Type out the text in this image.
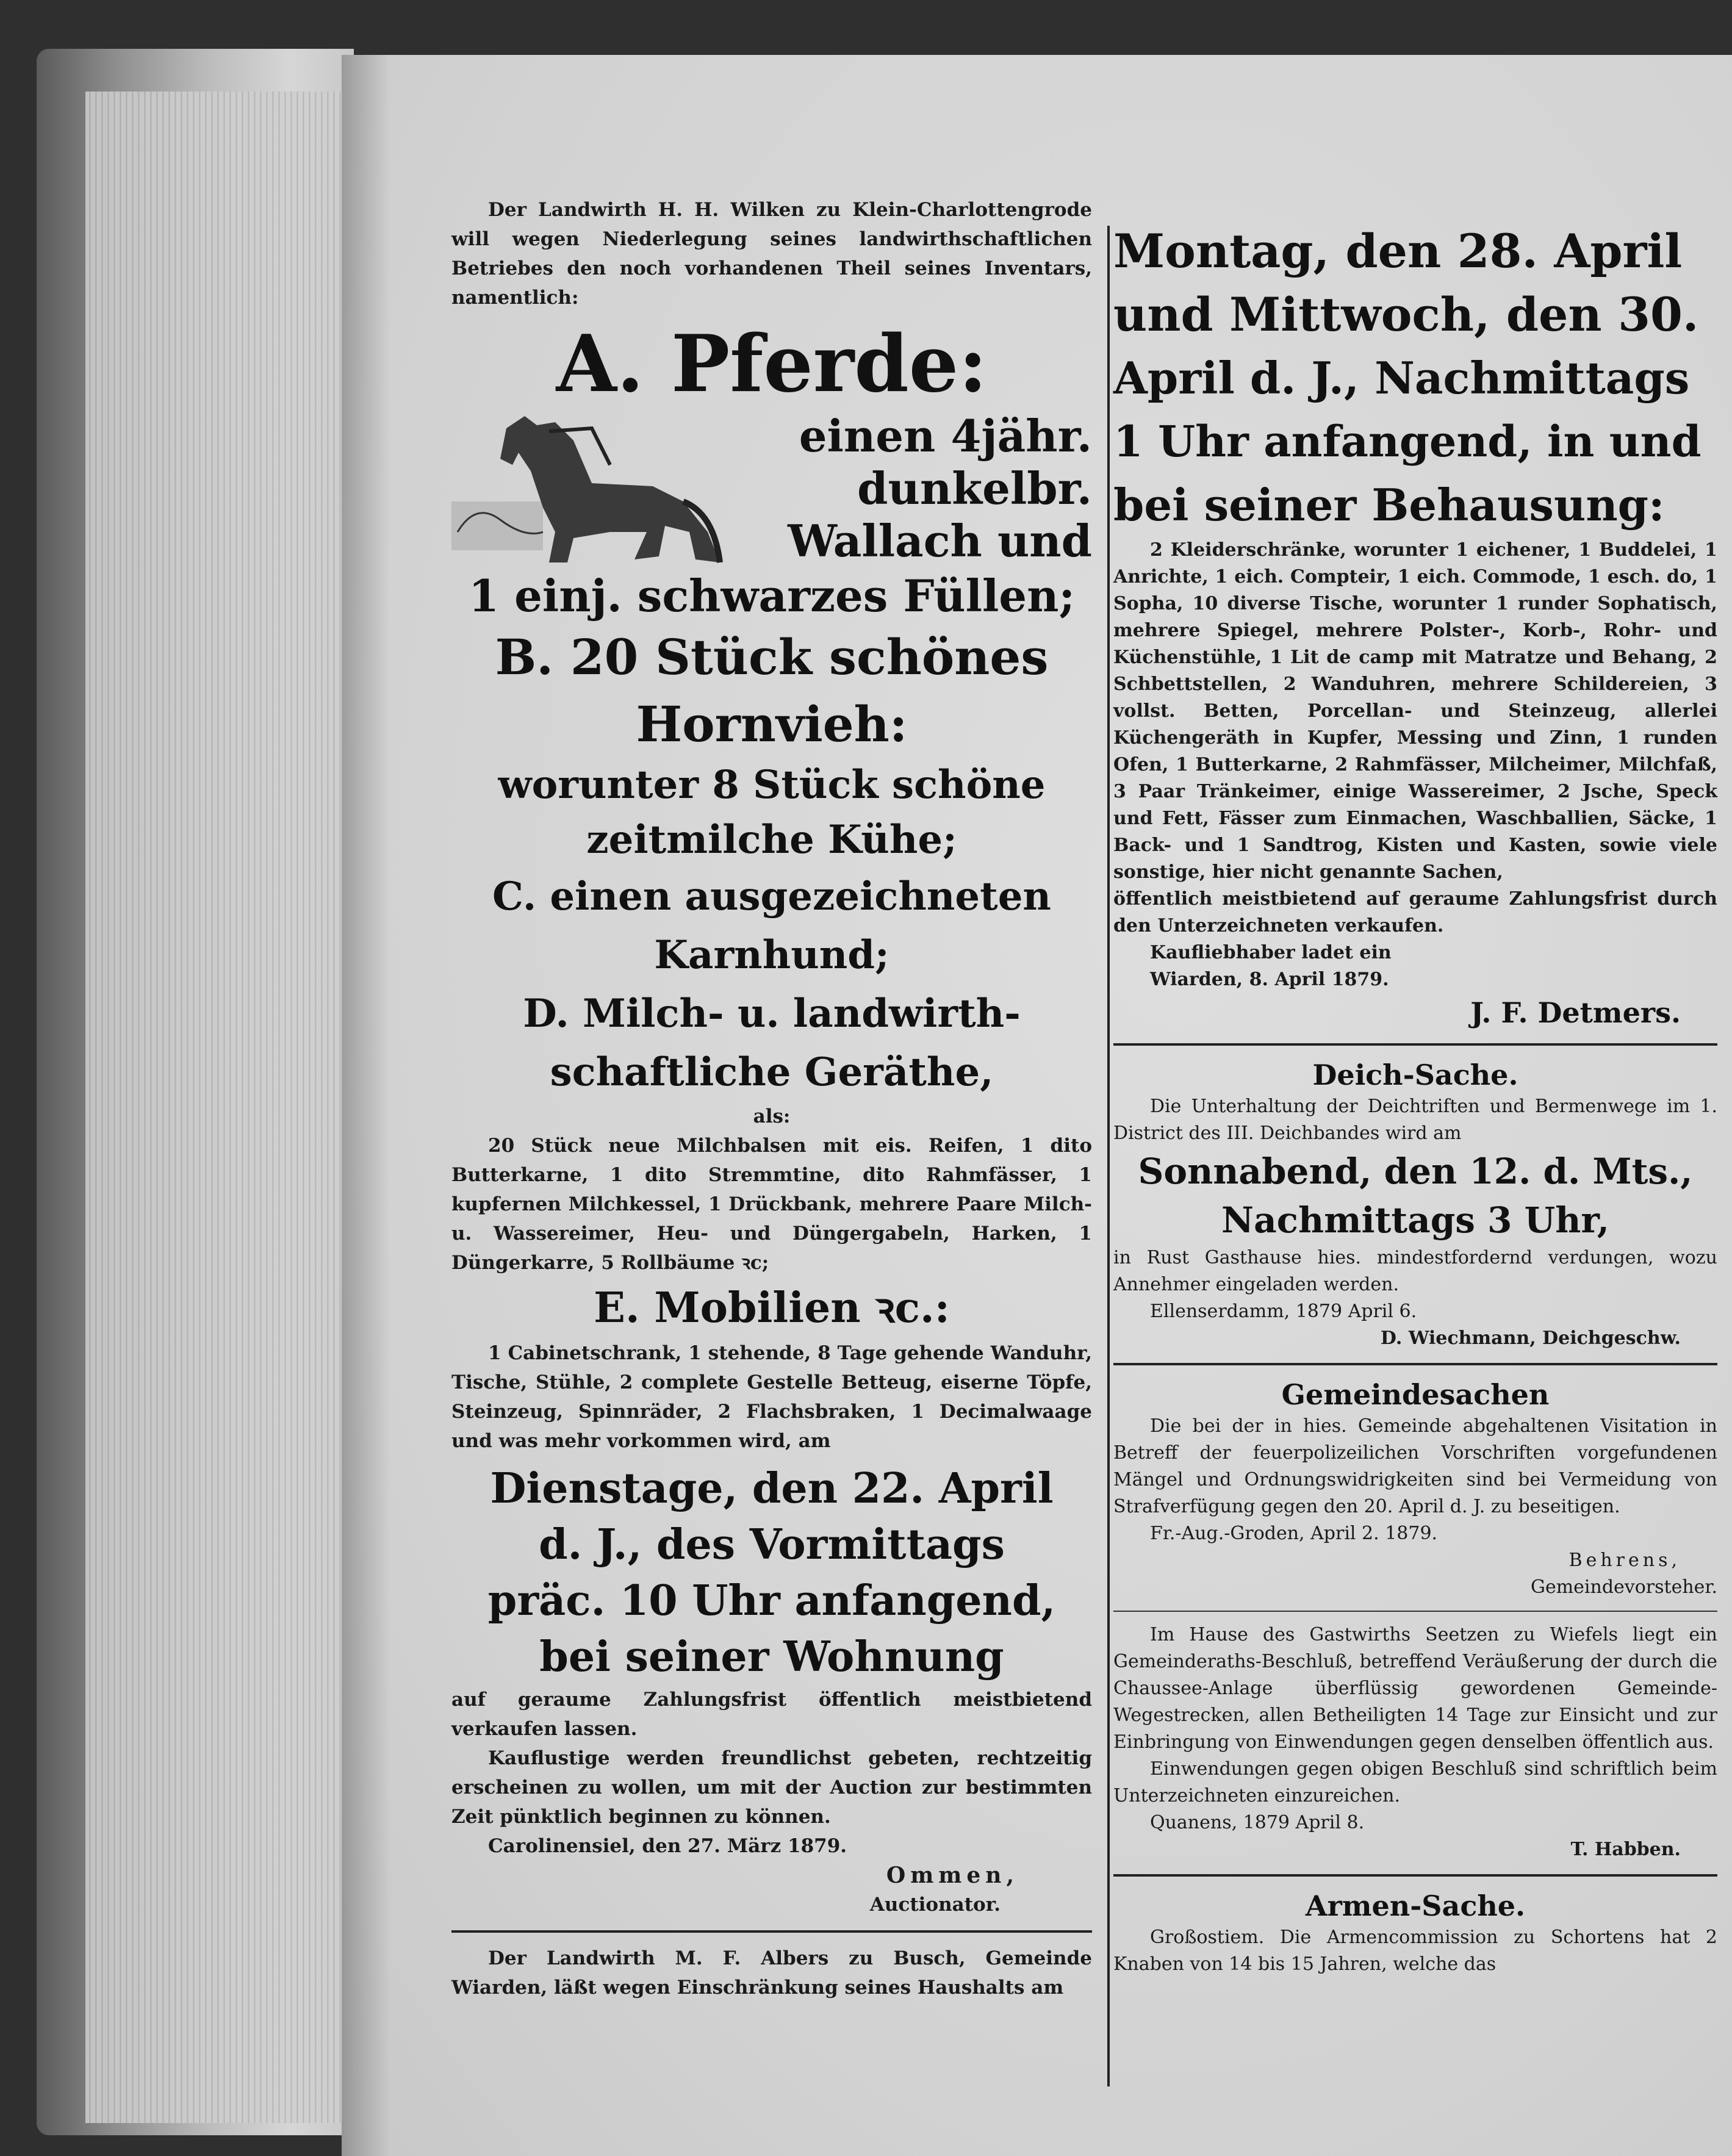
Der Landwirth H. H. Wilken zu Klein-Charlottengrode will wegen Niederlegung seines landwirthschaftlichen Betriebes den noch vorhandenen Theil seines Inventars, namentlich:

A. Pferde:

einen 4jähr.

dunkelbr.

Wallach und

1 einj. schwarzes Füllen;

B. 20 Stück schönes

Hornvieh:

worunter 8 Stück schöne

zeitmilche Kühe;

C. einen ausgezeichneten

Karnhund;

D. Milch- u. landwirth-

schaftliche Geräthe,

als:

20 Stück neue Milchbalsen mit eis. Reifen, 1 dito Butterkarne, 1 dito Stremmtine, dito Rahmfässer, 1 kupfernen Milchkessel, 1 Drückbank, mehrere Paare Milch- u. Wassereimer, Heu- und Düngergabeln, Harken, 1 Düngerkarre, 5 Rollbäume ꝛc;

E. Mobilien ꝛc.:

1 Cabinetschrank, 1 stehende, 8 Tage gehende Wanduhr, Tische, Stühle, 2 complete Gestelle Betteug, eiserne Töpfe, Steinzeug, Spinnräder, 2 Flachsbraken, 1 Decimalwaage und was mehr vorkommen wird, am

Dienstage, den 22. April

d. J., des Vormittags

präc. 10 Uhr anfangend,

bei seiner Wohnung

auf geraume Zahlungsfrist öffentlich meistbietend verkaufen lassen.

Kauflustige werden freundlichst gebeten, rechtzeitig erscheinen zu wollen, um mit der Auction zur bestimmten Zeit pünktlich beginnen zu können.

Carolinensiel, den 27. März 1879.

Ommen,

Auctionator.

Der Landwirth M. F. Albers zu Busch, Gemeinde Wiarden, läßt wegen Einschränkung seines Haushalts am

Montag, den 28. April

und Mittwoch, den 30.

April d. J., Nachmittags

1 Uhr anfangend, in und

bei seiner Behausung:

2 Kleiderschränke, worunter 1 eichener, 1 Buddelei, 1 Anrichte, 1 eich. Compteir, 1 eich. Commode, 1 esch. do, 1 Sopha, 10 diverse Tische, worunter 1 runder Sophatisch, mehrere Spiegel, mehrere Polster-, Korb-, Rohr- und Küchenstühle, 1 Lit de camp mit Matratze und Behang, 2 Schbettstellen, 2 Wanduhren, mehrere Schildereien, 3 vollst. Betten, Porcellan- und Steinzeug, allerlei Küchengeräth in Kupfer, Messing und Zinn, 1 runden Ofen, 1 Butterkarne, 2 Rahmfässer, Milcheimer, Milchfaß, 3 Paar Tränkeimer, einige Wassereimer, 2 Jsche, Speck und Fett, Fässer zum Einmachen, Waschballien, Säcke, 1 Back- und 1 Sandtrog, Kisten und Kasten, sowie viele sonstige, hier nicht genannte Sachen,

öffentlich meistbietend auf geraume Zahlungsfrist durch den Unterzeichneten verkaufen.

Kaufliebhaber ladet ein

Wiarden, 8. April 1879.

J. F. Detmers.

Deich-Sache.

Die Unterhaltung der Deichtriften und Bermenwege im 1. District des III. Deichbandes wird am

Sonnabend, den 12. d. Mts.,

Nachmittags 3 Uhr,

in Rust Gasthause hies. mindestfordernd verdungen, wozu Annehmer eingeladen werden.

Ellenserdamm, 1879 April 6.

D. Wiechmann, Deichgeschw.

Gemeindesachen

Die bei der in hies. Gemeinde abgehaltenen Visitation in Betreff der feuerpolizeilichen Vorschriften vorgefundenen Mängel und Ordnungswidrigkeiten sind bei Vermeidung von Strafverfügung gegen den 20. April d. J. zu beseitigen.

Fr.-Aug.-Groden, April 2. 1879.

Behrens,

Gemeindevorsteher.

Im Hause des Gastwirths Seetzen zu Wiefels liegt ein Gemeinderaths-Beschluß, betreffend Veräußerung der durch die Chaussee-Anlage überflüssig gewordenen Gemeinde-Wegestrecken, allen Betheiligten 14 Tage zur Einsicht und zur Einbringung von Einwendungen gegen denselben öffentlich aus.

Einwendungen gegen obigen Beschluß sind schriftlich beim Unterzeichneten einzureichen.

Quanens, 1879 April 8.

T. Habben.

Armen-Sache.

Großostiem. Die Armencommission zu Schortens hat 2 Knaben von 14 bis 15 Jahren, welche das
